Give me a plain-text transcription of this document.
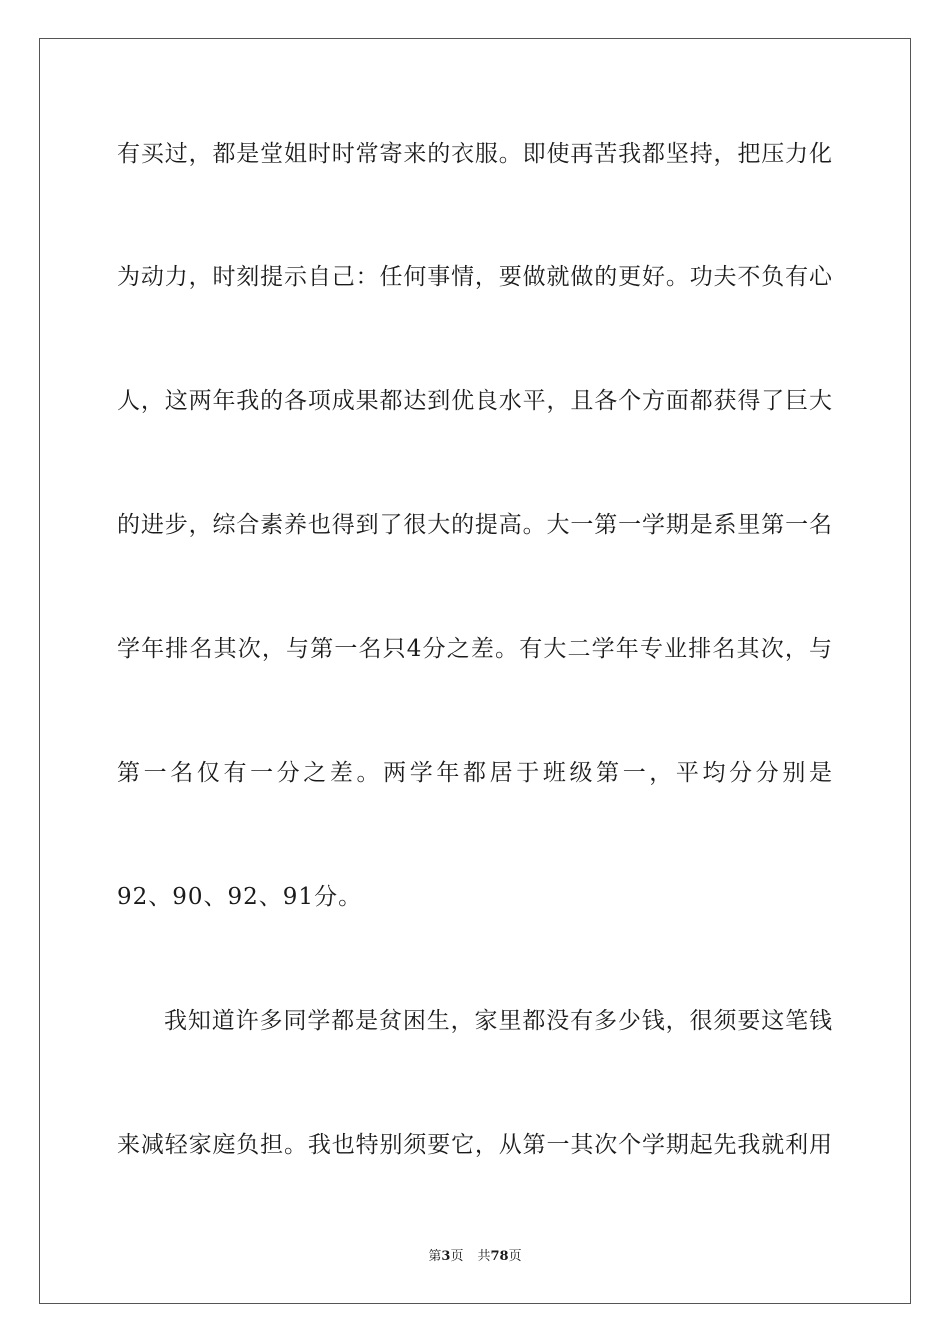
有买过，都是堂姐时时常寄来的衣服。即使再苦我都坚持，把压力化
为动力，时刻提示自己：任何事情，要做就做的更好。功夫不负有心
人，这两年我的各项成果都达到优良水平，且各个方面都获得了巨大
的进步，综合素养也得到了很大的提高。大一第一学期是系里第一名
学年排名其次，与第一名只4分之差。有大二学年专业排名其次，与
第一名仅有一分之差。两学年都居于班级第一，平均分分别是
92、90、92、91分。
我知道许多同学都是贫困生，家里都没有多少钱，很须要这笔钱
来减轻家庭负担。我也特别须要它，从第一其次个学期起先我就利用
第3页 共78页
